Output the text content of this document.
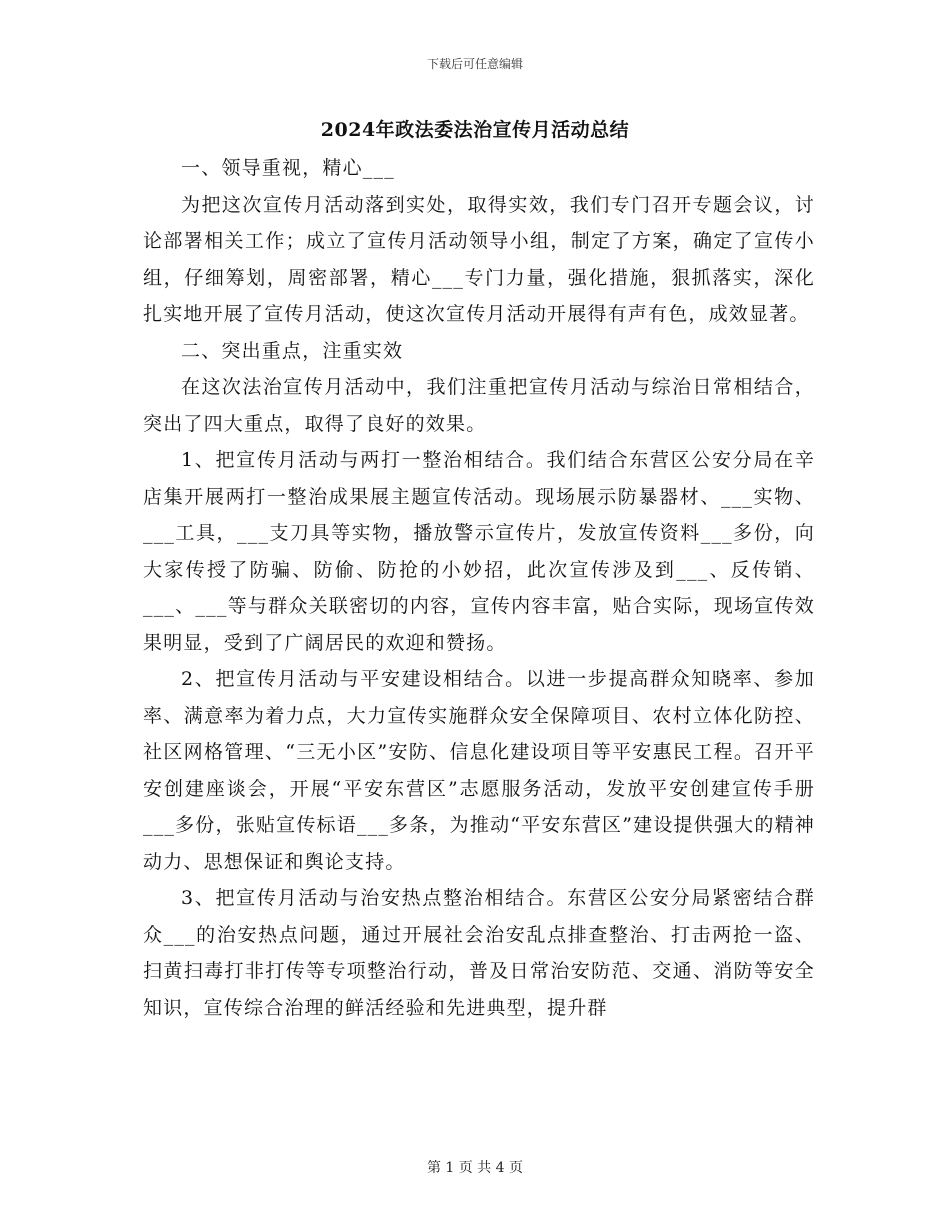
下载后可任意编辑
2024年政法委法治宣传月活动总结

一、领导重视，精心___

为把这次宣传月活动落到实处，取得实效，我们专门召开专题会议，讨论部署相关工作；成立了宣传月活动领导小组，制定了方案，确定了宣传小组，仔细筹划，周密部署，精心___专门力量，强化措施，狠抓落实，深化扎实地开展了宣传月活动，使这次宣传月活动开展得有声有色，成效显著。

二、突出重点，注重实效

在这次法治宣传月活动中，我们注重把宣传月活动与综治日常相结合，突出了四大重点，取得了良好的效果。

1、把宣传月活动与两打一整治相结合。我们结合东营区公安分局在辛店集开展两打一整治成果展主题宣传活动。现场展示防暴器材、___实物、___工具，___支刀具等实物，播放警示宣传片，发放宣传资料___多份，向大家传授了防骗、防偷、防抢的小妙招，此次宣传涉及到___、反传销、___、___等与群众关联密切的内容，宣传内容丰富，贴合实际，现场宣传效果明显，受到了广阔居民的欢迎和赞扬。

2、把宣传月活动与平安建设相结合。以进一步提高群众知晓率、参加率、满意率为着力点，大力宣传实施群众安全保障项目、农村立体化防控、社区网格管理、“三无小区”安防、信息化建设项目等平安惠民工程。召开平安创建座谈会，开展“平安东营区”志愿服务活动，发放平安创建宣传手册___多份，张贴宣传标语___多条，为推动“平安东营区”建设提供强大的精神动力、思想保证和舆论支持。

3、把宣传月活动与治安热点整治相结合。东营区公安分局紧密结合群众___的治安热点问题，通过开展社会治安乱点排查整治、打击两抢一盗、扫黄扫毒打非打传等专项整治行动，普及日常治安防范、交通、消防等安全知识，宣传综合治理的鲜活经验和先进典型，提升群

第 1 页 共 4 页
